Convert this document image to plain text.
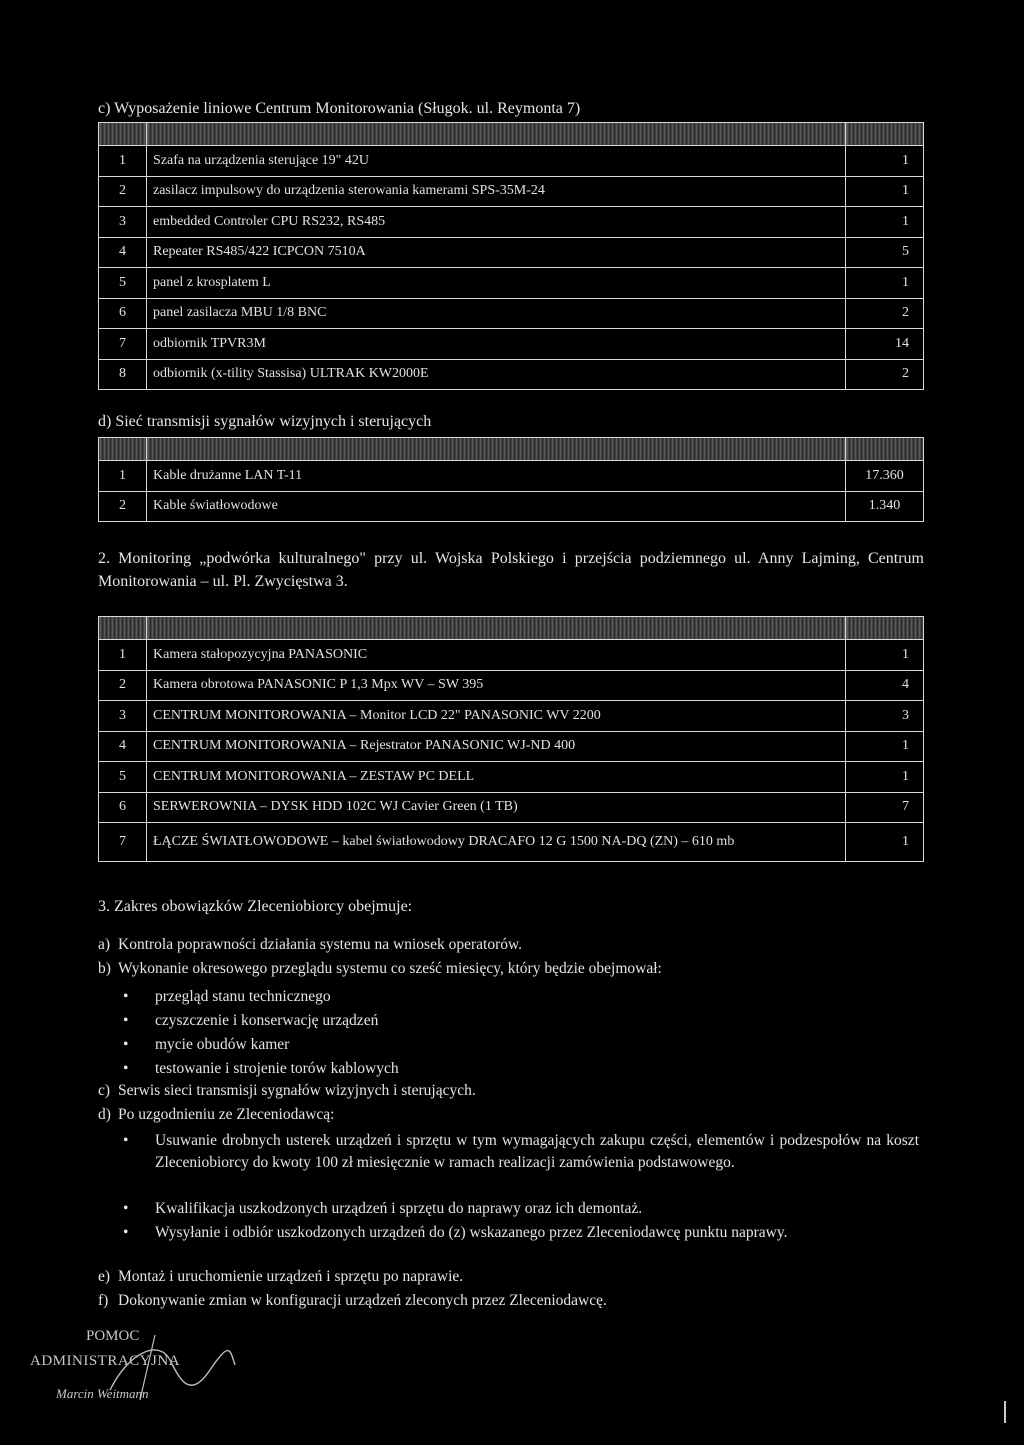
c) Wyposażenie liniowe Centrum Monitorowania (Sługok. ul. Reymonta 7)

1	Szafa na urządzenia sterujące 19" 42U	1
2	zasilacz impulsowy do urządzenia sterowania kamerami SPS-35M-24	1
3	embedded Controler CPU RS232, RS485	1
4	Repeater RS485/422 ICPCON 7510A	5
5	panel z krosplatem L	1
6	panel zasilacza MBU 1/8 BNC	2
7	odbiornik TPVR3M	14
8	odbiornik (x-tility Stassisa) ULTRAK KW2000E	2
d) Sieć transmisji sygnałów wizyjnych i sterujących

1	Kable drużanne LAN T-11	17.360
2	Kable światłowodowe	1.340
2. Monitoring „podwórka kulturalnego" przy ul. Wojska Polskiego i przejścia podziemnego ul. Anny Lajming, Centrum Monitorowania – ul. Pl. Zwycięstwa 3.

1	Kamera stałopozycyjna PANASONIC	1
2	Kamera obrotowa PANASONIC P 1,3 Mpx WV – SW 395	4
3	CENTRUM MONITOROWANIA – Monitor LCD 22" PANASONIC WV 2200	3
4	CENTRUM MONITOROWANIA – Rejestrator PANASONIC WJ-ND 400	1
5	CENTRUM MONITOROWANIA – ZESTAW PC DELL	1
6	SERWEROWNIA – DYSK HDD 102C WJ Cavier Green (1 TB)	7
7	ŁĄCZE ŚWIATŁOWODOWE – kabel światłowodowy DRACAFO 12 G 1500 NA-DQ (ZN) – 610 mb	1
3. Zakres obowiązków Zleceniobiorcy obejmuje:
a) Kontrola poprawności działania systemu na wniosek operatorów.
b) Wykonanie okresowego przeglądu systemu co sześć miesięcy, który będzie obejmował:
• przegląd stanu technicznego
• czyszczenie i konserwację urządzeń
• mycie obudów kamer
• testowanie i strojenie torów kablowych
c) Serwis sieci transmisji sygnałów wizyjnych i sterujących.
d) Po uzgodnieniu ze Zleceniodawcą:
• Usuwanie drobnych usterek urządzeń i sprzętu w tym wymagających zakupu części, elementów i podzespołów na koszt Zleceniobiorcy do kwoty 100 zł miesięcznie w ramach realizacji zamówienia podstawowego.
• Kwalifikacja uszkodzonych urządzeń i sprzętu do naprawy oraz ich demontaż.
• Wysyłanie i odbiór uszkodzonych urządzeń do (z) wskazanego przez Zleceniodawcę punktu naprawy.
e) Montaż i uruchomienie urządzeń i sprzętu po naprawie.
f) Dokonywanie zmian w konfiguracji urządzeń zleconych przez Zleceniodawcę.
POMOC
ADMINISTRACYJNA
Marcin Weitmann
